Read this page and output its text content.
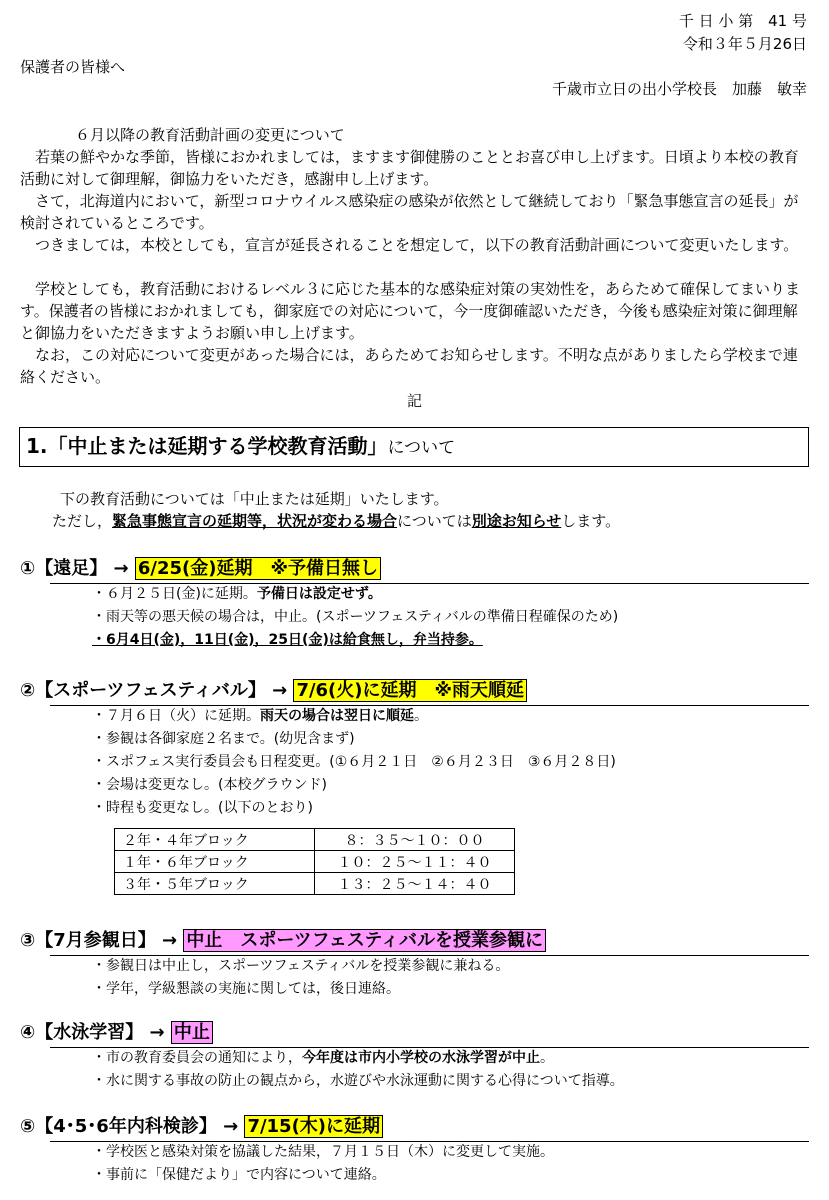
千 日 小 第　41 号
令和３年５月26日
保護者の皆様へ
千歳市立日の出小学校長　加藤　敏幸
６月以降の教育活動計画の変更について
　若葉の鮮やかな季節，皆様におかれましては，ますます御健勝のこととお喜び申し上げます。日頃より本校の教育活動に対して御理解，御協力をいただき，感謝申し上げます。
　さて，北海道内において，新型コロナウイルス感染症の感染が依然として継続しており「緊急事態宣言の延長」が検討されているところです。
　つきましては，本校としても，宣言が延長されることを想定して，以下の教育活動計画について変更いたします。
　学校としても，教育活動におけるレベル３に応じた基本的な感染症対策の実効性を，あらためて確保してまいります。保護者の皆様におかれましても，御家庭での対応について，今一度御確認いただき，今後も感染症対策に御理解と御協力をいただきますようお願い申し上げます。
　なお，この対応について変更があった場合には，あらためてお知らせします。不明な点がありましたら学校まで連絡ください。
記
1.「中止または延期する学校教育活動」について
下の教育活動については「中止または延期」いたします。
ただし，緊急事態宣言の延期等，状況が変わる場合については別途お知らせします。
①【遠足】 → 6/25(金)延期　※予備日無し
・６月２５日(金)に延期。予備日は設定せず。
・雨天等の悪天候の場合は，中止。(スポーツフェスティバルの準備日程確保のため)
・6月4日(金)，11日(金)，25日(金)は給食無し，弁当持参。
②【スポーツフェスティバル】 → 7/6(火)に延期　※雨天順延
・７月６日（火）に延期。雨天の場合は翌日に順延。
・参観は各御家庭２名まで。(幼児含まず)
・スポフェス実行委員会も日程変更。(①６月２１日　②６月２３日　③６月２８日)
・会場は変更なし。(本校グラウンド)
・時程も変更なし。(以下のとおり)
２年・４年ブロック	８：３５〜１０：００
１年・６年ブロック	１０：２５〜１１：４０
３年・５年ブロック	１３：２５〜１４：４０
③【7月参観日】 → 中止　スポーツフェスティバルを授業参観に
・参観日は中止し，スポーツフェスティバルを授業参観に兼ねる。
・学年，学級懇談の実施に関しては，後日連絡。
④【水泳学習】 → 中止
・市の教育委員会の通知により，今年度は市内小学校の水泳学習が中止。
・水に関する事故の防止の観点から，水遊びや水泳運動に関する心得について指導。
⑤【4･5･6年内科検診】 → 7/15(木)に延期
・学校医と感染対策を協議した結果，７月１５日（木）に変更して実施。
・事前に「保健だより」で内容について連絡。
